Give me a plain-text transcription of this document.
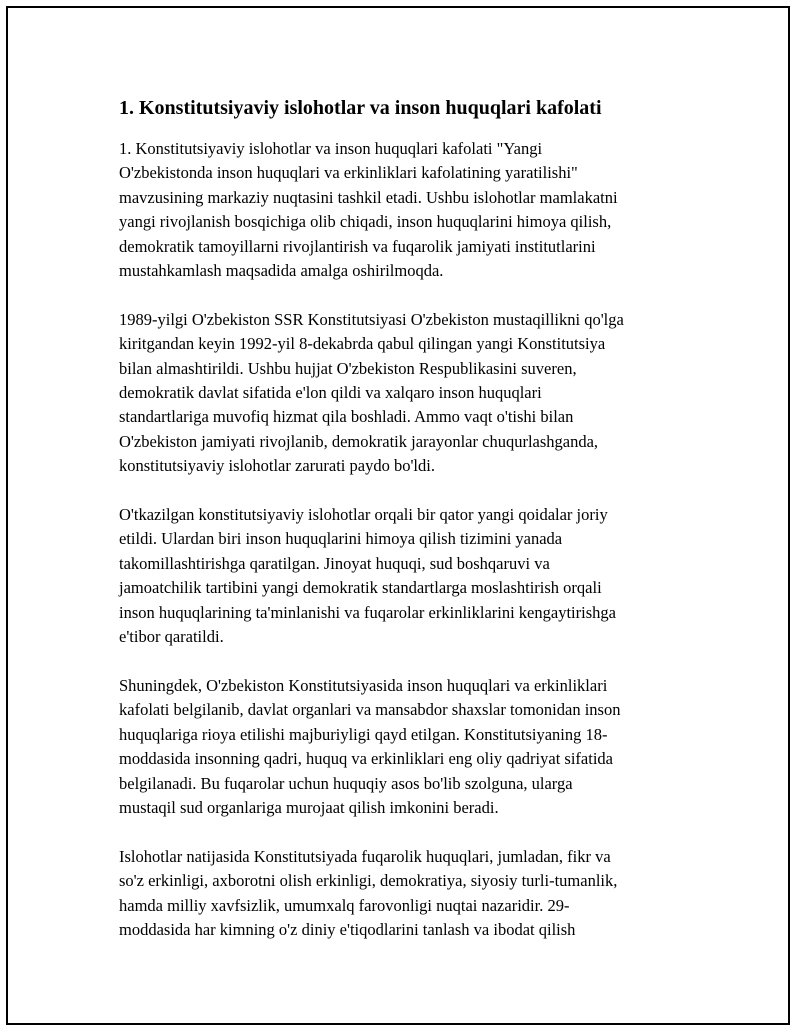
1. Konstitutsiyaviy islohotlar va inson huquqlari kafolati
1. Konstitutsiyaviy islohotlar va inson huquqlari kafolati "Yangi
O'zbekistonda inson huquqlari va erkinliklari kafolatining yaratilishi"
mavzusining markaziy nuqtasini tashkil etadi. Ushbu islohotlar mamlakatni
yangi rivojlanish bosqichiga olib chiqadi, inson huquqlarini himoya qilish,
demokratik tamoyillarni rivojlantirish va fuqarolik jamiyati institutlarini
mustahkamlash maqsadida amalga oshirilmoqda.
1989-yilgi O'zbekiston SSR Konstitutsiyasi O'zbekiston mustaqillikni qo'lga
kiritgandan keyin 1992-yil 8-dekabrda qabul qilingan yangi Konstitutsiya
bilan almashtirildi. Ushbu hujjat O'zbekiston Respublikasini suveren,
demokratik davlat sifatida e'lon qildi va xalqaro inson huquqlari
standartlariga muvofiq hizmat qila boshladi. Ammo vaqt o'tishi bilan
O'zbekiston jamiyati rivojlanib, demokratik jarayonlar chuqurlashganda,
konstitutsiyaviy islohotlar zarurati paydo bo'ldi.
O'tkazilgan konstitutsiyaviy islohotlar orqali bir qator yangi qoidalar joriy
etildi. Ulardan biri inson huquqlarini himoya qilish tizimini yanada
takomillashtirishga qaratilgan. Jinoyat huquqi, sud boshqaruvi va
jamoatchilik tartibini yangi demokratik standartlarga moslashtirish orqali
inson huquqlarining ta'minlanishi va fuqarolar erkinliklarini kengaytirishga
e'tibor qaratildi.
Shuningdek, O'zbekiston Konstitutsiyasida inson huquqlari va erkinliklari
kafolati belgilanib, davlat organlari va mansabdor shaxslar tomonidan inson
huquqlariga rioya etilishi majburiyligi qayd etilgan. Konstitutsiyaning 18-
moddasida insonning qadri, huquq va erkinliklari eng oliy qadriyat sifatida
belgilanadi. Bu fuqarolar uchun huquqiy asos bo'lib szolguna, ularga
mustaqil sud organlariga murojaat qilish imkonini beradi.
Islohotlar natijasida Konstitutsiyada fuqarolik huquqlari, jumladan, fikr va
so'z erkinligi, axborotni olish erkinligi, demokratiya, siyosiy turli-tumanlik,
hamda milliy xavfsizlik, umumxalq farovonligi nuqtai nazaridir. 29-
moddasida har kimning o'z diniy e'tiqodlarini tanlash va ibodat qilish
